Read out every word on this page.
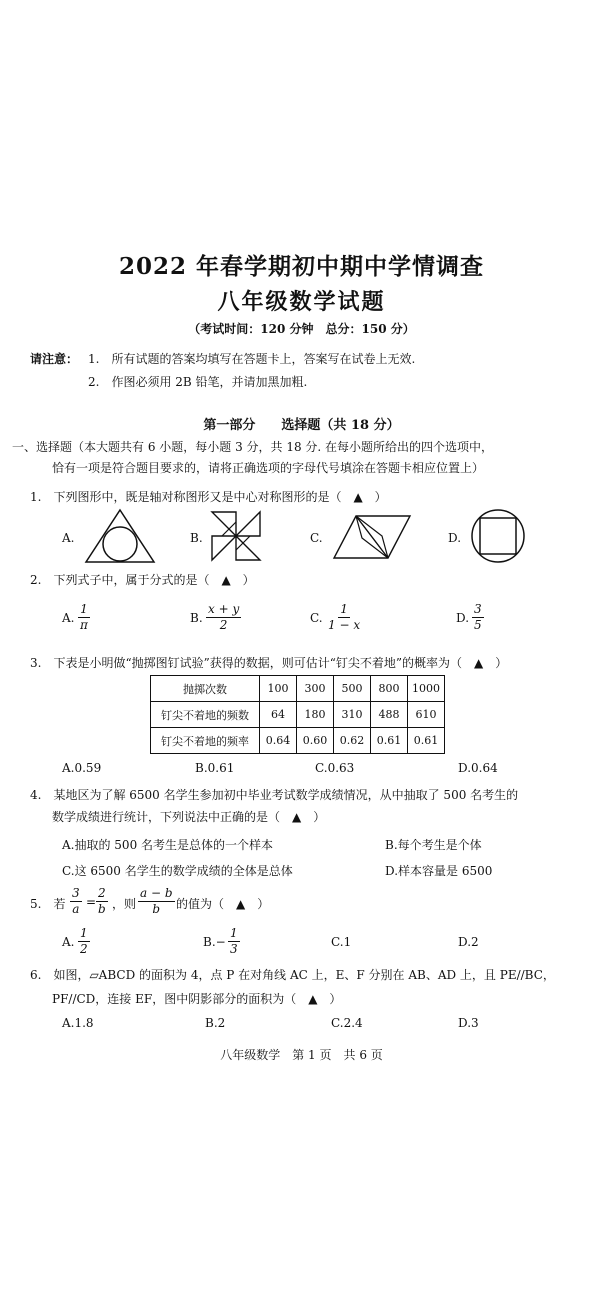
2022 年春学期初中期中学情调查
八年级数学试题
（考试时间：120 分钟　总分：150 分）
请注意： 1.　所有试题的答案均填写在答题卡上，答案写在试卷上无效.
2.　作图必须用 2B 铅笔，并请加黑加粗.
第一部分　　选择题（共 18 分）
一、选择题（本大题共有 6 小题，每小题 3 分，共 18 分. 在每小题所给出的四个选项中，
恰有一项是符合题目要求的，请将正确选项的字母代号填涂在答题卡相应位置上）
1.　下列图形中，既是轴对称图形又是中心对称图形的是（　▲　）
A.	B.	C.	D.
2.　下列式子中，属于分式的是（　▲　）
A. $\frac{1}{\pi}$	B. $\frac{x + y}{2}$	C. $\frac{1}{1 - x}$	D. $\frac{3}{5}$
3.　下表是小明做“抛掷图钉试验”获得的数据，则可估计“钉尖不着地”的概率为（　▲　）
抛掷次数	100	300	500	800	1000
钉尖不着地的频数	64	180	310	488	610
钉尖不着地的频率	0.64	0.60	0.62	0.61	0.61
A.0.59	B.0.61	C.0.63	D.0.64
4.　某地区为了解 6500 名学生参加初中毕业考试数学成绩情况，从中抽取了 500 名考生的
数学成绩进行统计，下列说法中正确的是（　▲　）
A.抽取的 500 名考生是总体的一个样本	B.每个考生是个体
C.这 6500 名学生的数学成绩的全体是总体	D.样本容量是 6500
5.　若 $\frac{3}{a} = \frac{2}{b}$ ，则 $\frac{a - b}{b}$ 的值为（　▲　）
A. $\frac{1}{2}$	$B.- \frac{1}{3}$	C.1	D.2
6.　如图，▱ABCD 的面积为 4，点 P 在对角线 AC 上，E、F 分别在 AB、AD 上，且 PE//BC，
PF//CD，连接 EF，图中阴影部分的面积为（　▲　）
A.1.8	B.2	C.2.4	D.3
八年级数学　第 1 页　共 6 页
